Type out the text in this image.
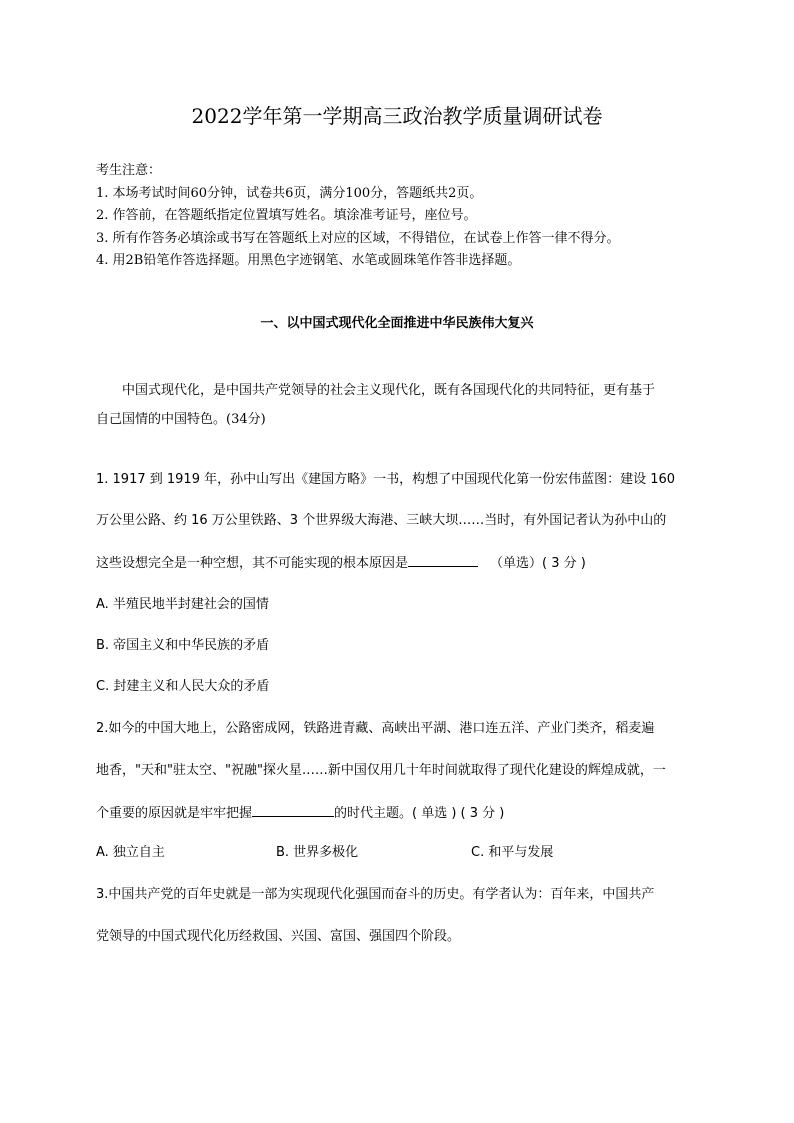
2022学年第一学期高三政治教学质量调研试卷
考生注意：
1. 本场考试时间60分钟，试卷共6页，满分100分，答题纸共2页。
2. 作答前，在答题纸指定位置填写姓名。填涂准考证号，座位号。
3. 所有作答务必填涂或书写在答题纸上对应的区域，不得错位，在试卷上作答一律不得分。
4. 用2B铅笔作答选择题。用黑色字迹钢笔、水笔或圆珠笔作答非选择题。
一、以中国式现代化全面推进中华民族伟大复兴
中国式现代化，是中国共产党领导的社会主义现代化，既有各国现代化的共同特征，更有基于
自己国情的中国特色。(34分)
1. 1917 到 1919 年，孙中山写出《建国方略》一书，构想了中国现代化第一份宏伟蓝图：建设 160
万公里公路、约 16 万公里铁路、3 个世界级大海港、三峡大坝……当时，有外国记者认为孙中山的
这些设想完全是一种空想，其不可能实现的根本原因是	（单选）( 3 分 )
A. 半殖民地半封建社会的国情
B. 帝国主义和中华民族的矛盾
C. 封建主义和人民大众的矛盾
2.如今的中国大地上，公路密成网，铁路进青藏、高峡出平湖、港口连五洋、产业门类齐，稻麦遍
地香，"天和"驻太空、"祝融"探火星……新中国仅用几十年时间就取得了现代化建设的辉煌成就，一
个重要的原因就是牢牢把握	的时代主题。( 单选 ) ( 3 分 )
A. 独立自主	B. 世界多极化	C. 和平与发展
3.中国共产党的百年史就是一部为实现现代化强国而奋斗的历史。有学者认为：百年来，中国共产
党领导的中国式现代化历经救国、兴国、富国、强国四个阶段。
